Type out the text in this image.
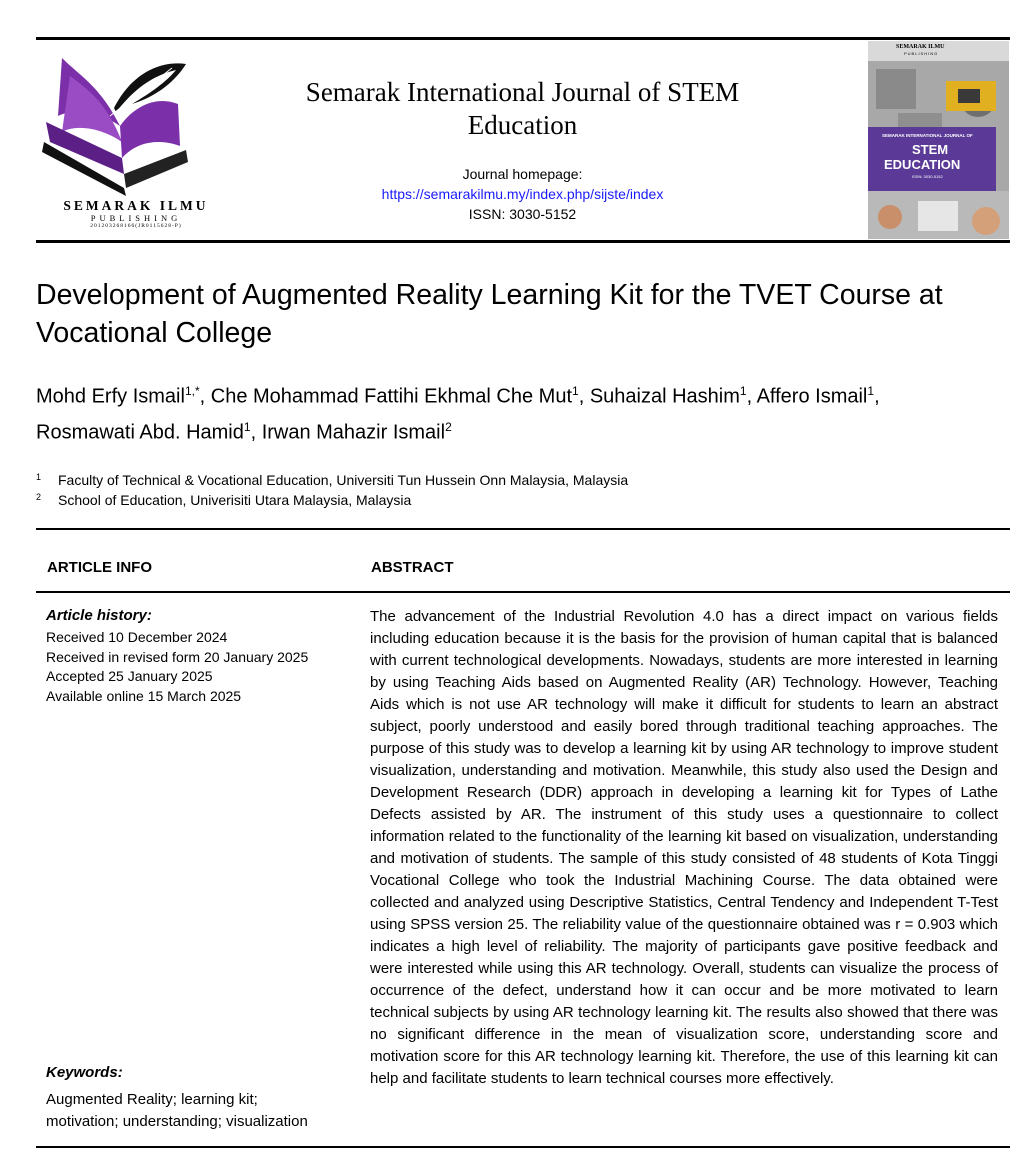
SEMARAK ILMU
PUBLISHING
201203268166(JR0115628-P)
Semarak International Journal of STEM
Education
Journal homepage:
https://semarakilmu.my/index.php/sijste/index
ISSN: 3030-5152
SEMARAK ILMU
PUBLISHING
SEMARAK INTERNATIONAL JOURNAL OF
STEM
EDUCATION
ISSN: 3030-5152
Development of Augmented Reality Learning Kit for the TVET Course at
Vocational College
Mohd Erfy Ismail$^{1,*}$, Che Mohammad Fattihi Ekhmal Che Mut$^1$, Suhaizal Hashim$^1$, Affero Ismail$^1$,
Rosmawati Abd. Hamid$^1$, Irwan Mahazir Ismail$^2$
$^1$ Faculty of Technical & Vocational Education, Universiti Tun Hussein Onn Malaysia, Malaysia
$^2$ School of Education, Univerisiti Utara Malaysia, Malaysia
ARTICLE INFO	ABSTRACT
Article history:
Received 10 December 2024
Received in revised form 20 January 2025
Accepted 25 January 2025
Available online 15 March 2025
Keywords:
Augmented Reality; learning kit;
motivation; understanding; visualization
The advancement of the Industrial Revolution 4.0 has a direct impact on various fields including education because it is the basis for the provision of human capital that is balanced with current technological developments. Nowadays, students are more interested in learning by using Teaching Aids based on Augmented Reality (AR) Technology. However, Teaching Aids which is not use AR technology will make it difficult for students to learn an abstract subject, poorly understood and easily bored through traditional teaching approaches. The purpose of this study was to develop a learning kit by using AR technology to improve student visualization, understanding and motivation. Meanwhile, this study also used the Design and Development Research (DDR) approach in developing a learning kit for Types of Lathe Defects assisted by AR. The instrument of this study uses a questionnaire to collect information related to the functionality of the learning kit based on visualization, understanding and motivation of students. The sample of this study consisted of 48 students of Kota Tinggi Vocational College who took the Industrial Machining Course. The data obtained were collected and analyzed using Descriptive Statistics, Central Tendency and Independent T-Test using SPSS version 25. The reliability value of the questionnaire obtained was r = 0.903 which indicates a high level of reliability. The majority of participants gave positive feedback and were interested while using this AR technology. Overall, students can visualize the process of occurrence of the defect, understand how it can occur and be more motivated to learn technical subjects by using AR technology learning kit. The results also showed that there was no significant difference in the mean of visualization score, understanding score and motivation score for this AR technology learning kit. Therefore, the use of this learning kit can help and facilitate students to learn technical courses more effectively.
